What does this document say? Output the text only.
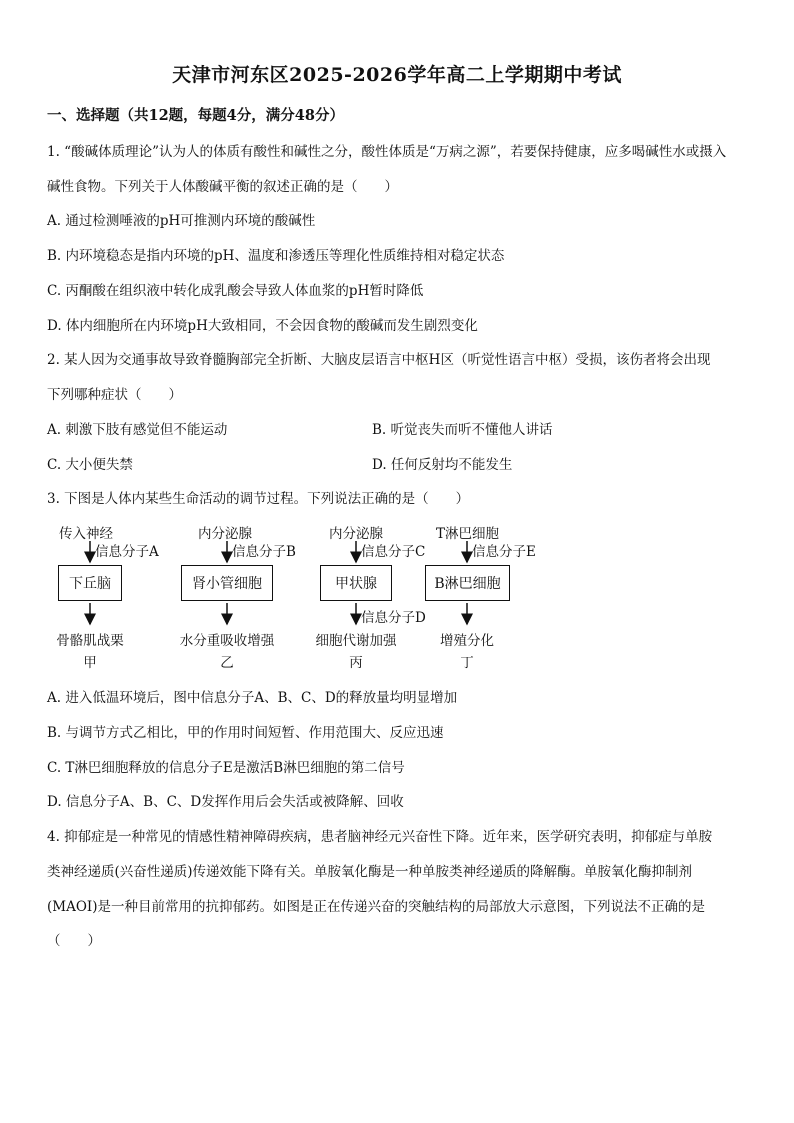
天津市河东区2025-2026学年高二上学期期中考试
一、选择题（共12题，每题4分，满分48分）
1. “酸碱体质理论”认为人的体质有酸性和碱性之分，酸性体质是“万病之源”，若要保持健康，应多喝碱性水或摄入
碱性食物。下列关于人体酸碱平衡的叙述正确的是（　　）
A. 通过检测唾液的pH可推测内环境的酸碱性
B. 内环境稳态是指内环境的pH、温度和渗透压等理化性质维持相对稳定状态
C. 丙酮酸在组织液中转化成乳酸会导致人体血浆的pH暂时降低
D. 体内细胞所在内环境pH大致相同，不会因食物的酸碱而发生剧烈变化
2. 某人因为交通事故导致脊髓胸部完全折断、大脑皮层语言中枢H区（听觉性语言中枢）受损，该伤者将会出现
下列哪种症状（　　）
A. 刺激下肢有感觉但不能运动	B. 听觉丧失而听不懂他人讲话
C. 大小便失禁	D. 任何反射均不能发生
3. 下图是人体内某些生命活动的调节过程。下列说法正确的是（　　）
传入神经	内分泌腺	内分泌腺	T淋巴细胞
信息分子A	信息分子B	信息分子C	信息分子E
下丘脑	肾小管细胞	甲状腺	B淋巴细胞
信息分子D
骨骼肌战栗	水分重吸收增强	细胞代谢加强	增殖分化
甲	乙	丙	丁
A. 进入低温环境后，图中信息分子A、B、C、D的释放量均明显增加
B. 与调节方式乙相比，甲的作用时间短暂、作用范围大、反应迅速
C. T淋巴细胞释放的信息分子E是激活B淋巴细胞的第二信号
D. 信息分子A、B、C、D发挥作用后会失活或被降解、回收
4. 抑郁症是一种常见的情感性精神障碍疾病，患者脑神经元兴奋性下降。近年来，医学研究表明，抑郁症与单胺
类神经递质(兴奋性递质)传递效能下降有关。单胺氧化酶是一种单胺类神经递质的降解酶。单胺氧化酶抑制剂
(MAOI)是一种目前常用的抗抑郁药。如图是正在传递兴奋的突触结构的局部放大示意图，下列说法不正确的是
（　　）
